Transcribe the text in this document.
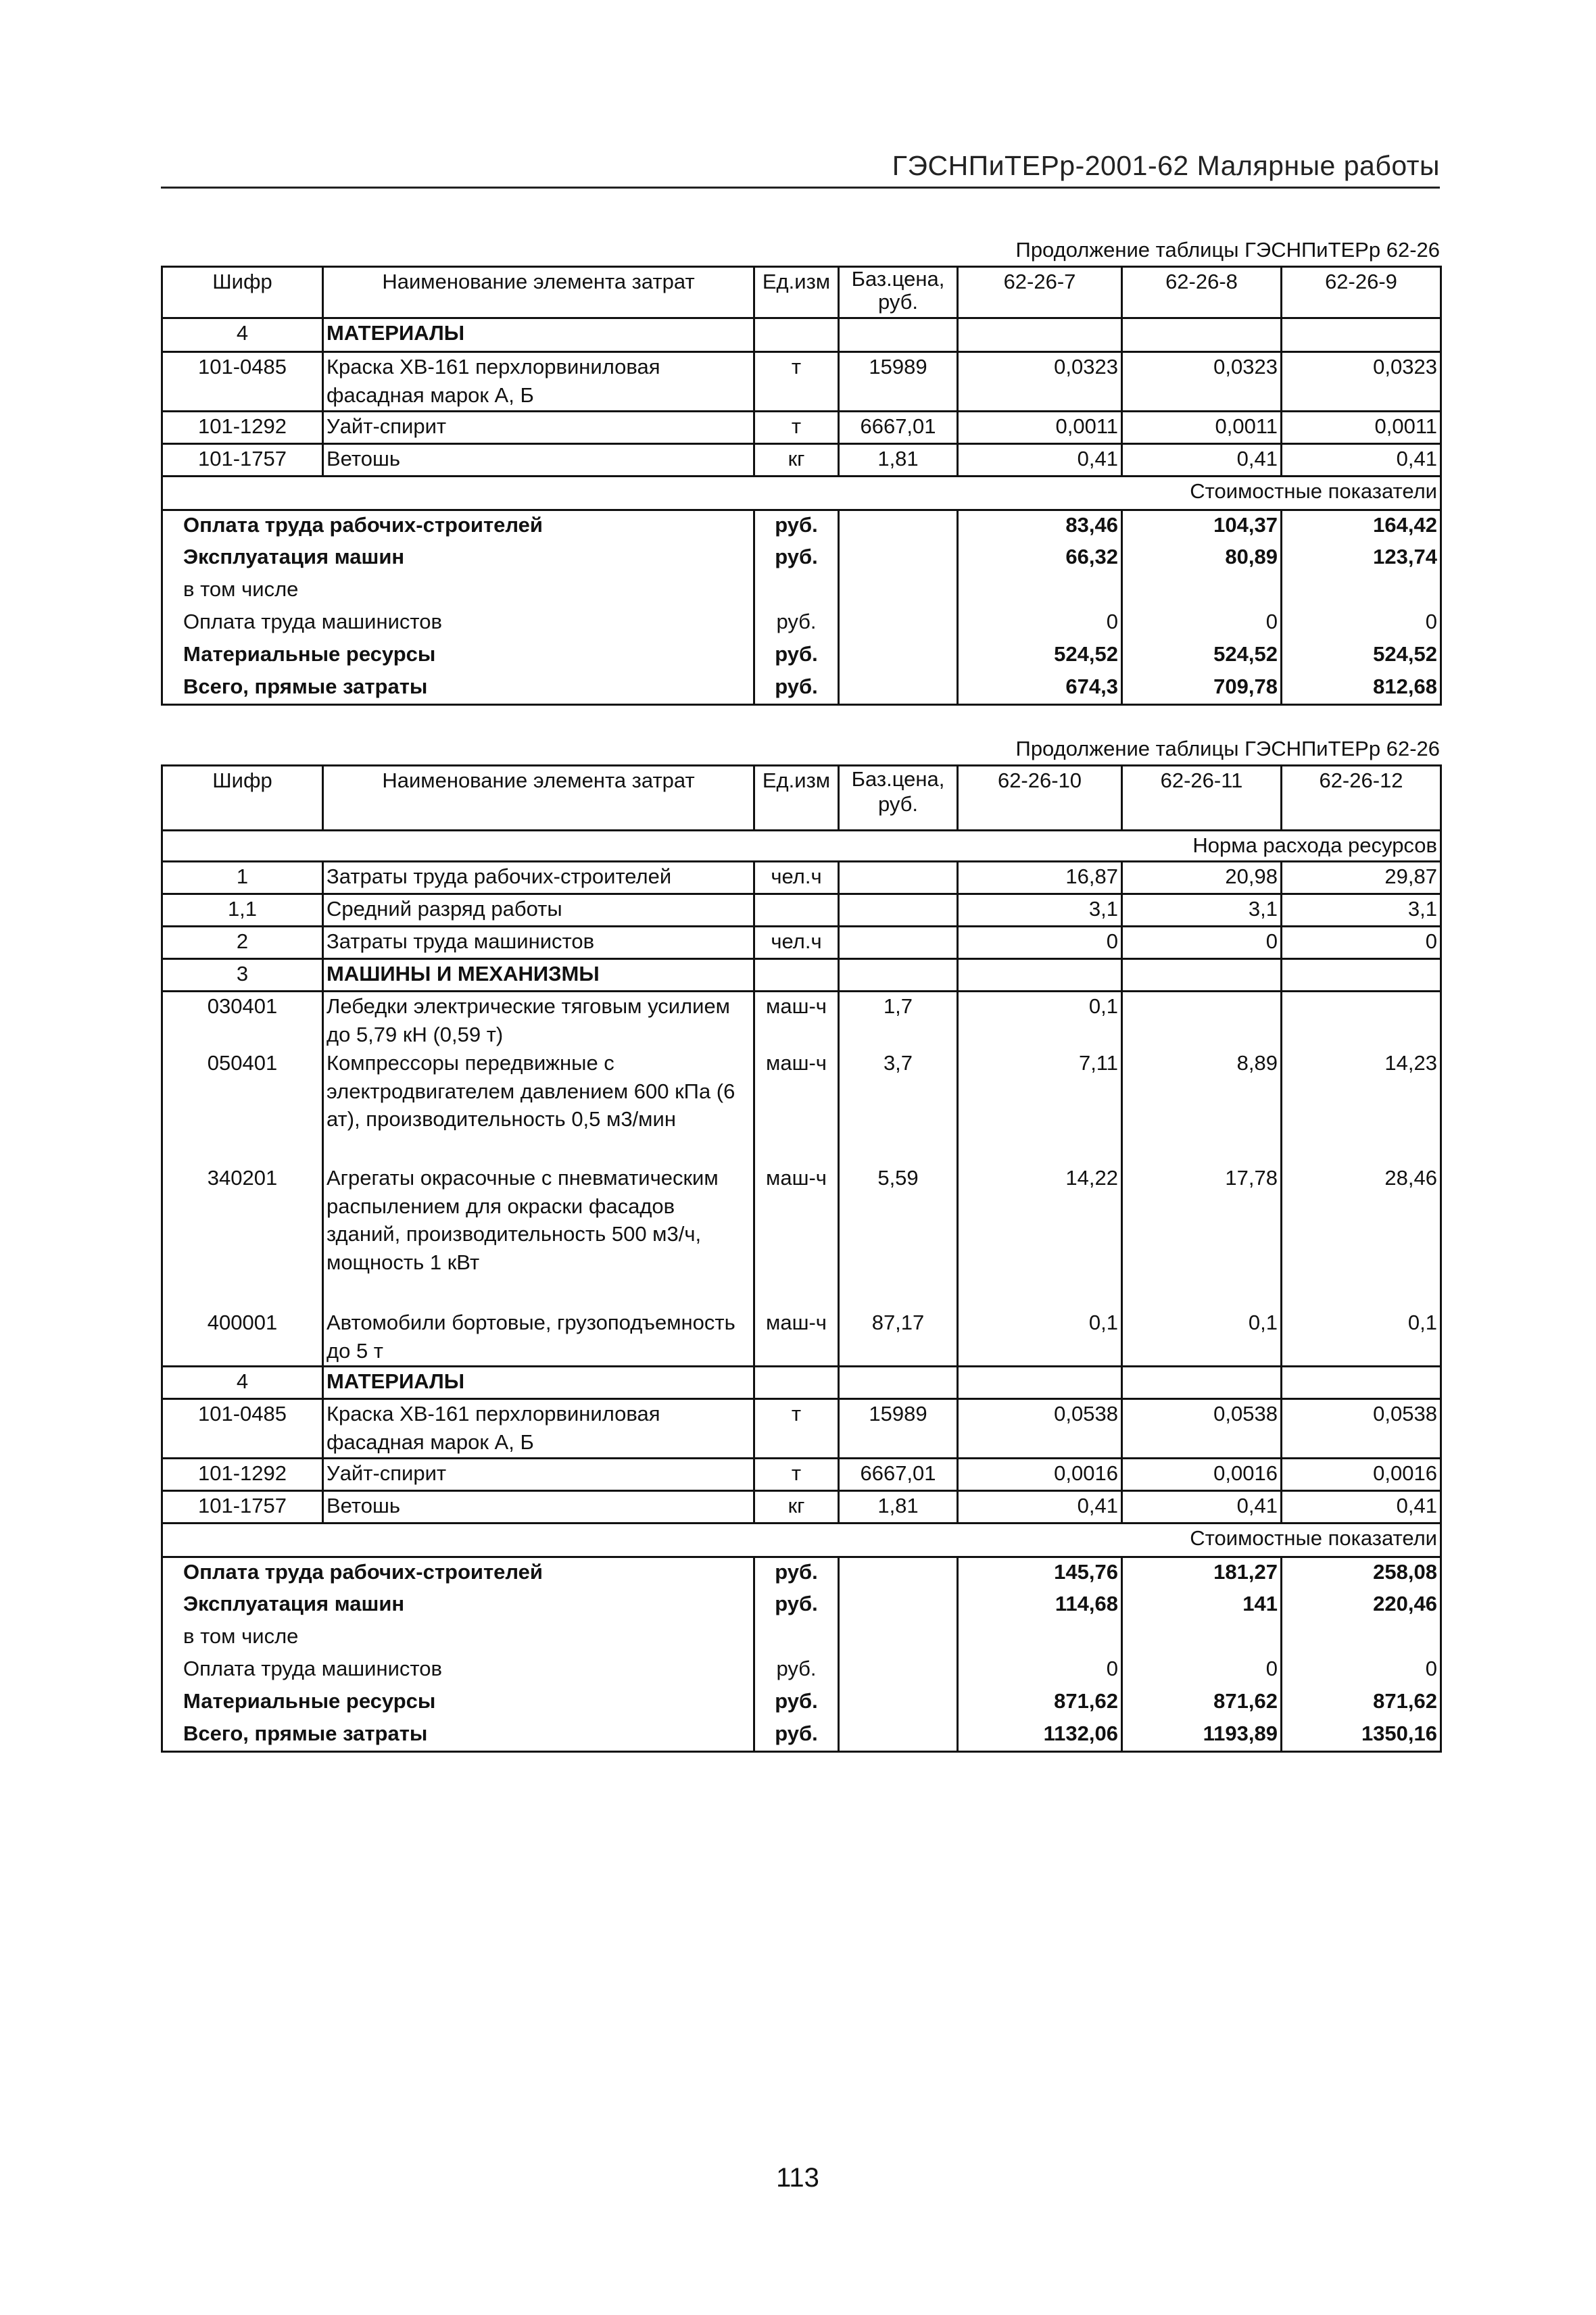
ГЭСНПиТЕРр-2001-62 Малярные работы
Продолжение таблицы ГЭСНПиТЕРр 62-26
Шифр	Наименование элемента затрат	Ед.изм	Баз.цена, руб.	62-26-7	62-26-8	62-26-9
4	МАТЕРИАЛЫ					
101-0485	Краска ХВ-161 перхлорвиниловая фасадная марок А, Б	т	15989	0,0323	0,0323	0,0323
101-1292	Уайт-спирит	т	6667,01	0,0011	0,0011	0,0011
101-1757	Ветошь	кг	1,81	0,41	0,41	0,41
Стоимостные показатели						
Оплата труда рабочих-строителей		руб.		83,46	104,37	164,42
Эксплуатация машин		руб.		66,32	80,89	123,74
в том числе						
Оплата труда машинистов		руб.		0	0	0
Материальные ресурсы		руб.		524,52	524,52	524,52
Всего, прямые затраты		руб.		674,3	709,78	812,68
Продолжение таблицы ГЭСНПиТЕРр 62-26
Шифр	Наименование элемента затрат	Ед.изм	Баз.цена, руб.	62-26-10	62-26-11	62-26-12
Норма расхода ресурсов						
1	Затраты труда рабочих-строителей	чел.ч		16,87	20,98	29,87
1,1	Средний разряд работы			3,1	3,1	3,1
2	Затраты труда машинистов	чел.ч		0	0	0
3	МАШИНЫ И МЕХАНИЗМЫ					
030401	Лебедки электрические тяговым усилием до 5,79 кН (0,59 т)	маш-ч	1,7	0,1		
050401	Компрессоры передвижные с электродвигателем давлением 600 кПа (6 ат), производительность 0,5 м3/мин	маш-ч	3,7	7,11	8,89	14,23
340201	Агрегаты окрасочные с пневматическим распылением для окраски фасадов зданий, производительность 500 м3/ч, мощность 1 кВт	маш-ч	5,59	14,22	17,78	28,46
400001	Автомобили бортовые, грузоподъемность до 5 т	маш-ч	87,17	0,1	0,1	0,1
4	МАТЕРИАЛЫ					
101-0485	Краска ХВ-161 перхлорвиниловая фасадная марок А, Б	т	15989	0,0538	0,0538	0,0538
101-1292	Уайт-спирит	т	6667,01	0,0016	0,0016	0,0016
101-1757	Ветошь	кг	1,81	0,41	0,41	0,41
Стоимостные показатели						
Оплата труда рабочих-строителей		руб.		145,76	181,27	258,08
Эксплуатация машин		руб.		114,68	141	220,46
в том числе						
Оплата труда машинистов		руб.		0	0	0
Материальные ресурсы		руб.		871,62	871,62	871,62
Всего, прямые затраты		руб.		1132,06	1193,89	1350,16
113
